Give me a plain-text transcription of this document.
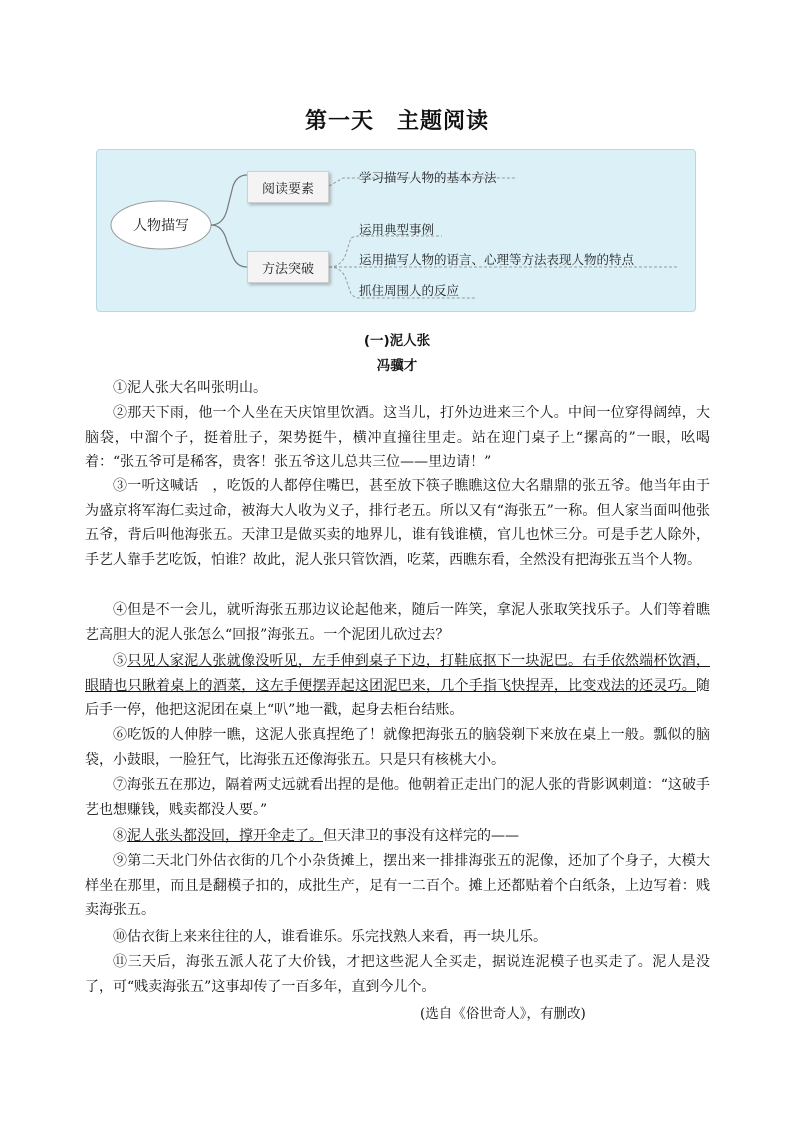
第一天　主题阅读
人物描写
阅读要素
方法突破
学习描写人物的基本方法
运用典型事例
运用描写人物的语言、心理等方法表现人物的特点
抓住周围人的反应
(一)泥人张
冯骥才

①泥人张大名叫张明山。

②那天下雨，他一个人坐在天庆馆里饮酒。这当儿，打外边进来三个人。中间一位穿得阔绰，大脑袋，中溜个子，挺着肚子，架势挺牛，横冲直撞往里走。站在迎门桌子上“摞高的”一眼，吆喝着：“张五爷可是稀客，贵客！张五爷这儿总共三位——里边请！”

③一听这喊话　，吃饭的人都停住嘴巴，甚至放下筷子瞧瞧这位大名鼎鼎的张五爷。他当年由于为盛京将军海仁卖过命，被海大人收为义子，排行老五。所以又有“海张五”一称。但人家当面叫他张五爷，背后叫他海张五。天津卫是做买卖的地界儿，谁有钱谁横，官儿也怵三分。可是手艺人除外，手艺人靠手艺吃饭，怕谁？故此，泥人张只管饮酒，吃菜，西瞧东看，全然没有把海张五当个人物。

④但是不一会儿，就听海张五那边议论起他来，随后一阵笑，拿泥人张取笑找乐子。人们等着瞧艺高胆大的泥人张怎么“回报”海张五。一个泥团儿砍过去？

⑤只见人家泥人张就像没听见，左手伸到桌子下边，打鞋底抠下一块泥巴。右手依然端杯饮酒，眼睛也只瞅着桌上的酒菜，这左手便摆弄起这团泥巴来，几个手指飞快捏弄，比变戏法的还灵巧。随后手一停，他把这泥团在桌上“叭”地一戳，起身去柜台结账。

⑥吃饭的人伸脖一瞧，这泥人张真捏绝了！就像把海张五的脑袋剃下来放在桌上一般。瓢似的脑袋，小鼓眼，一脸狂气，比海张五还像海张五。只是只有核桃大小。

⑦海张五在那边，隔着两丈远就看出捏的是他。他朝着正走出门的泥人张的背影讽刺道：“这破手艺也想赚钱，贱卖都没人要。”

⑧泥人张头都没回，撑开伞走了。但天津卫的事没有这样完的——

⑨第二天北门外估衣街的几个小杂货摊上，摆出来一排排海张五的泥像，还加了个身子，大模大样坐在那里，而且是翻模子扣的，成批生产，足有一二百个。摊上还都贴着个白纸条，上边写着：贱卖海张五。

⑩估衣街上来来往往的人，谁看谁乐。乐完找熟人来看，再一块儿乐。

⑪三天后，海张五派人花了大价钱，才把这些泥人全买走，据说连泥模子也买走了。泥人是没了，可“贱卖海张五”这事却传了一百多年，直到今儿个。

(选自《俗世奇人》，有删改)
